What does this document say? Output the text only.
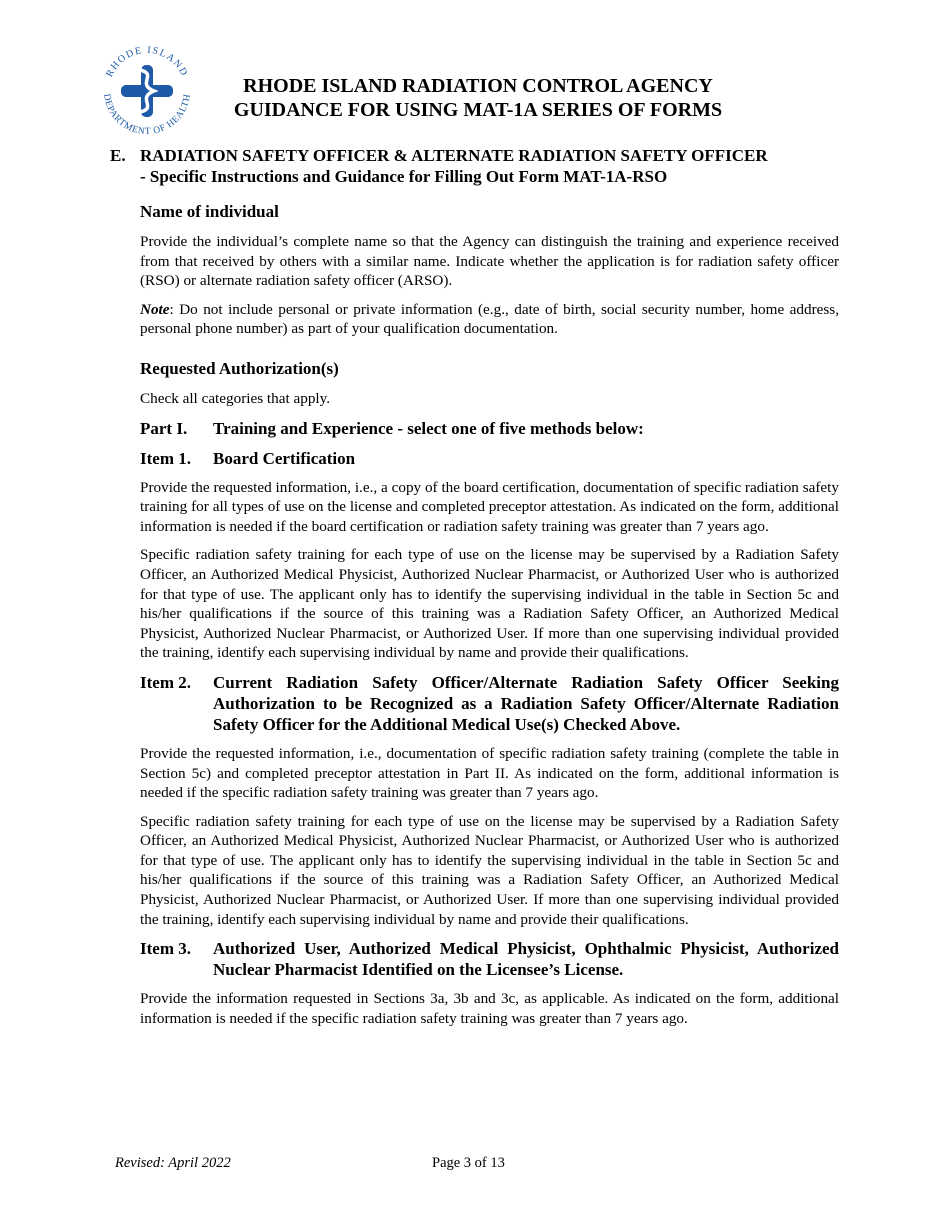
RHODE ISLAND
DEPARTMENT OF HEALTH
RHODE ISLAND RADIATION CONTROL AGENCY
GUIDANCE FOR USING MAT-1A SERIES OF FORMS
E. RADIATION SAFETY OFFICER & ALTERNATE RADIATION SAFETY OFFICER
- Specific Instructions and Guidance for Filling Out Form MAT-1A-RSO
Name of individual

Provide the individual’s complete name so that the Agency can distinguish the training and experience received from that received by others with a similar name. Indicate whether the application is for radiation safety officer (RSO) or alternate radiation safety officer (ARSO).

Note: Do not include personal or private information (e.g., date of birth, social security number, home address, personal phone number) as part of your qualification documentation.

Requested Authorization(s)

Check all categories that apply.

Part I.	Training and Experience - select one of five methods below:
Item 1.	Board Certification

Provide the requested information, i.e., a copy of the board certification, documentation of specific radiation safety training for all types of use on the license and completed preceptor attestation. As indicated on the form, additional information is needed if the board certification or radiation safety training was greater than 7 years ago.

Specific radiation safety training for each type of use on the license may be supervised by a Radiation Safety Officer, an Authorized Medical Physicist, Authorized Nuclear Pharmacist, or Authorized User who is authorized for that type of use. The applicant only has to identify the supervising individual in the table in Section 5c and his/her qualifications if the source of this training was a Radiation Safety Officer, an Authorized Medical Physicist, Authorized Nuclear Pharmacist, or Authorized User. If more than one supervising individual provided the training, identify each supervising individual by name and provide their qualifications.

Item 2.	Current Radiation Safety Officer/Alternate Radiation Safety Officer Seeking Authorization to be Recognized as a Radiation Safety Officer/Alternate Radiation Safety Officer for the Additional Medical Use(s) Checked Above.

Provide the requested information, i.e., documentation of specific radiation safety training (complete the table in Section 5c) and completed preceptor attestation in Part II. As indicated on the form, additional information is needed if the specific radiation safety training was greater than 7 years ago.

Specific radiation safety training for each type of use on the license may be supervised by a Radiation Safety Officer, an Authorized Medical Physicist, Authorized Nuclear Pharmacist, or Authorized User who is authorized for that type of use. The applicant only has to identify the supervising individual in the table in Section 5c and his/her qualifications if the source of this training was a Radiation Safety Officer, an Authorized Medical Physicist, Authorized Nuclear Pharmacist, or Authorized User. If more than one supervising individual provided the training, identify each supervising individual by name and provide their qualifications.

Item 3.	Authorized User, Authorized Medical Physicist, Ophthalmic Physicist, Authorized Nuclear Pharmacist Identified on the Licensee’s License.

Provide the information requested in Sections 3a, 3b and 3c, as applicable. As indicated on the form, additional information is needed if the specific radiation safety training was greater than 7 years ago.

Revised: April 2022	Page 3 of 13
